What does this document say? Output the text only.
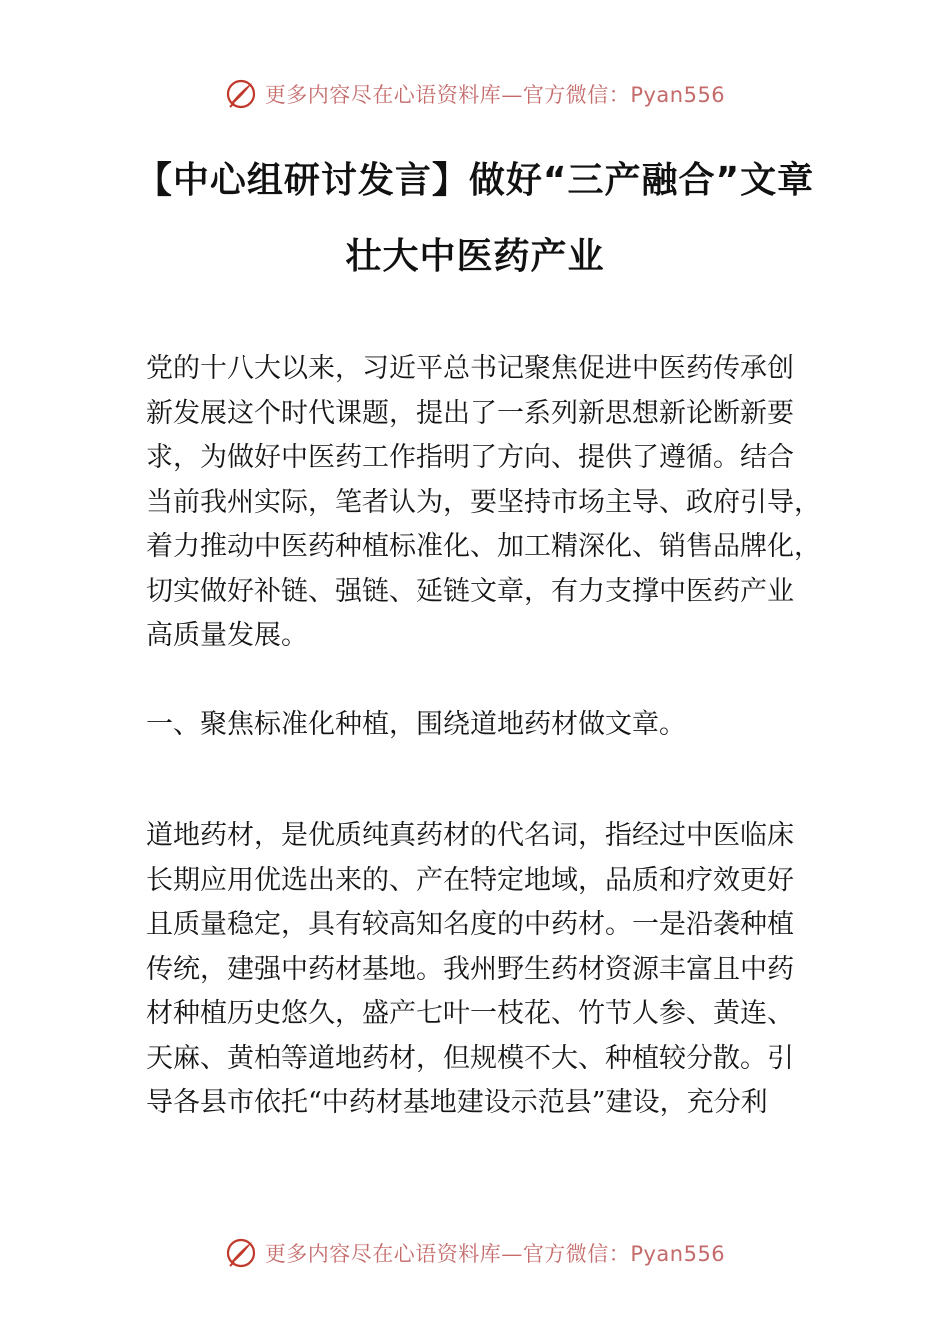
更多内容尽在心语资料库—官方微信：Pyan556
【中心组研讨发言】做好“三产融合”文章
壮大中医药产业
党的十八大以来，习近平总书记聚焦促进中医药传承创
新发展这个时代课题，提出了一系列新思想新论断新要
求，为做好中医药工作指明了方向、提供了遵循。结合
当前我州实际，笔者认为，要坚持市场主导、政府引导，
着力推动中医药种植标准化、加工精深化、销售品牌化，
切实做好补链、强链、延链文章，有力支撑中医药产业
高质量发展。
一、聚焦标准化种植，围绕道地药材做文章。
道地药材，是优质纯真药材的代名词，指经过中医临床
长期应用优选出来的、产在特定地域，品质和疗效更好
且质量稳定，具有较高知名度的中药材。一是沿袭种植
传统，建强中药材基地。我州野生药材资源丰富且中药
材种植历史悠久，盛产七叶一枝花、竹节人参、黄连、
天麻、黄柏等道地药材，但规模不大、种植较分散。引
导各县市依托“中药材基地建设示范县”建设，充分利
更多内容尽在心语资料库—官方微信：Pyan556
